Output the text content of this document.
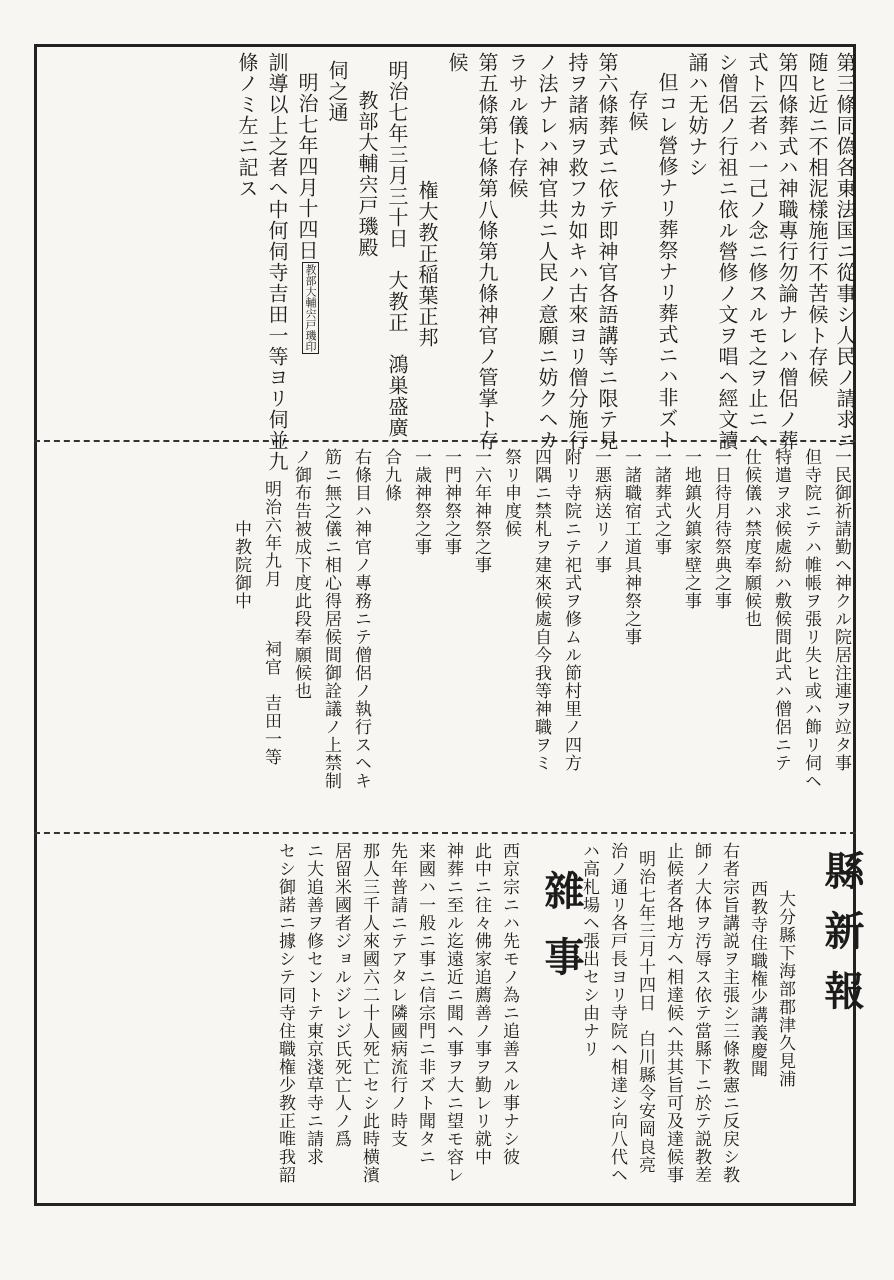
第三條同偽各東法国ニ從事シ人民ノ請求ニ
随ヒ近ニ不相泥樣施行不苦候ト存候
第四條葬式ハ神職專行勿論ナレハ僧侶ノ葬
式ト云者ハ一己ノ念ニ修スルモ之ヲ止ニヘ
シ僧侶ノ行祖ニ依ル營修ノ文ヲ唱ヘ經文讀
誦ハ无妨ナシ
但コレ營修ナリ葬祭ナリ葬式ニハ非ズト
存候
第六條葬式ニ依テ即神官各語講等ニ限テ見
持ヲ諸病ヲ救フカ如キハ古來ヨリ僧分施行
ノ法ナレハ神官共ニ人民ノ意願ニ妨クヘカ
ラサル儀ト存候
第五條第七條第八條第九條神官ノ管掌ト存
候
権大教正稲葉正邦
明治七年三月三十日　大教正　鴻巣盛廣
教部大輔宍戸璣殿
伺之通
明治七年四月十四日
教部大輔宍戸璣印
訓導以上之者へ中何伺寺吉田一等ヨリ伺並九
條ノミ左ニ記ス
一民御祈請勤ヘ神クル院居注連ヲ竝タ事
但寺院ニテハ帷帳ヲ張リ失ヒ或ハ飾リ伺ヘ
特遣ヲ求候處紛ハ敷候間此式ハ僧侶ニテ
仕候儀ハ禁度奉願候也
一日待月待祭典之事
一地鎮火鎮家壁之事
一諸葬式之事
一諸職宿工道具神祭之事
一悪病送リノ事
附リ寺院ニテ祀式ヲ修ムル節村里ノ四方
四隅ニ禁札ヲ建來候處自今我等神職ヲミ
祭リ申度候
一六年神祭之事
一門神祭之事
一歳神祭之事
合九條
右條目ハ神官ノ專務ニテ僧侶ノ執行スヘキ
筋ニ無之儀ニ相心得居候間御詮議ノ上禁制
ノ御布告被成下度此段奉願候也
明治六年九月
中教院御中
祠官　吉田一等
縣新報
大分縣下海部郡津久見浦
西教寺住職権少講義慶聞
右者宗旨講説ヲ主張シ三條教憲ニ反戻シ教
師ノ大体ヲ汚辱ス依テ當縣下ニ於テ説教差
止候者各地方ヘ相達候ヘ共其旨可及達候事
明治七年三月十四日　白川縣令安岡良亮
治ノ通リ各戸長ヨリ寺院ヘ相達シ向八代ヘ
ハ高札場ヘ張出セシ由ナリ
雜事
西京宗ニハ先モノ為ニ追善スル事ナシ彼
此中ニ往々佛家追薦善ノ事ヲ勤レリ就中
神葬ニ至ル迄遠近ニ聞ヘ事ヲ大ニ望モ容レ
来國ハ一般ニ事ニ信宗門ニ非ズト聞タニ
先年普請ニテアタレ隣國病流行ノ時支
那人三千人來國六二十人死亡セシ此時横濱
居留米國者ジョルジレジ氏死亡人ノ爲
ニ大追善ヲ修セントテ東京淺草寺ニ請求
セシ御諾ニ據シテ同寺住職権少教正唯我韶
